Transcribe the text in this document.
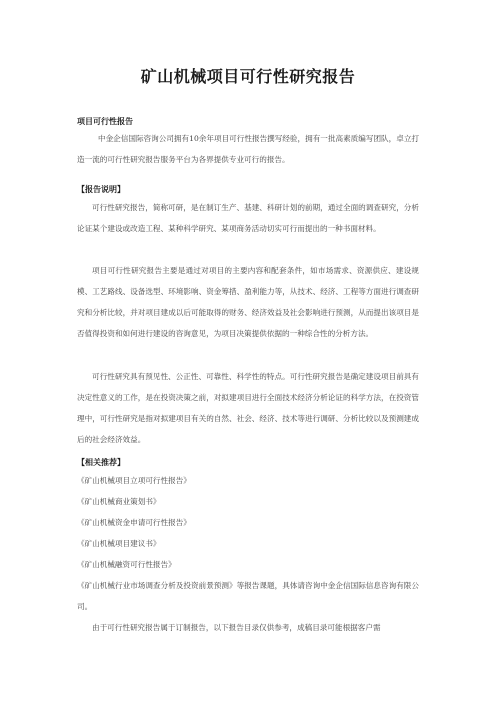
矿山机械项目可行性研究报告
项目可行性报告
中金企信国际咨询公司拥有10余年项目可行性报告撰写经验，拥有一批高素质编写团队，卓立打造一流的可行性研究报告服务平台为各界提供专业可行的报告。
【报告说明】
可行性研究报告，简称可研，是在制订生产、基建、科研计划的前期，通过全面的调查研究，分析论证某个建设或改造工程、某种科学研究、某项商务活动切实可行而提出的一种书面材料。
项目可行性研究报告主要是通过对项目的主要内容和配套条件，如市场需求、资源供应、建设规模、工艺路线、设备选型、环境影响、资金筹措、盈利能力等，从技术、经济、工程等方面进行调查研究和分析比较，并对项目建成以后可能取得的财务、经济效益及社会影响进行预测，从而提出该项目是否值得投资和如何进行建设的咨询意见，为项目决策提供依据的一种综合性的分析方法。
可行性研究具有预见性、公正性、可靠性、科学性的特点。可行性研究报告是确定建设项目前具有决定性意义的工作，是在投资决策之前，对拟建项目进行全面技术经济分析论证的科学方法，在投资管理中，可行性研究是指对拟建项目有关的自然、社会、经济、技术等进行调研、分析比较以及预测建成后的社会经济效益。
【相关推荐】
《矿山机械项目立项可行性报告》
《矿山机械商业策划书》
《矿山机械资金申请可行性报告》
《矿山机械项目建议书》
《矿山机械融资可行性报告》
《矿山机械行业市场调查分析及投资前景预测》等报告课题，具体请咨询中金企信国际信息咨询有限公司。
由于可行性研究报告属于订制报告，以下报告目录仅供参考，成稿目录可能根据客户需
